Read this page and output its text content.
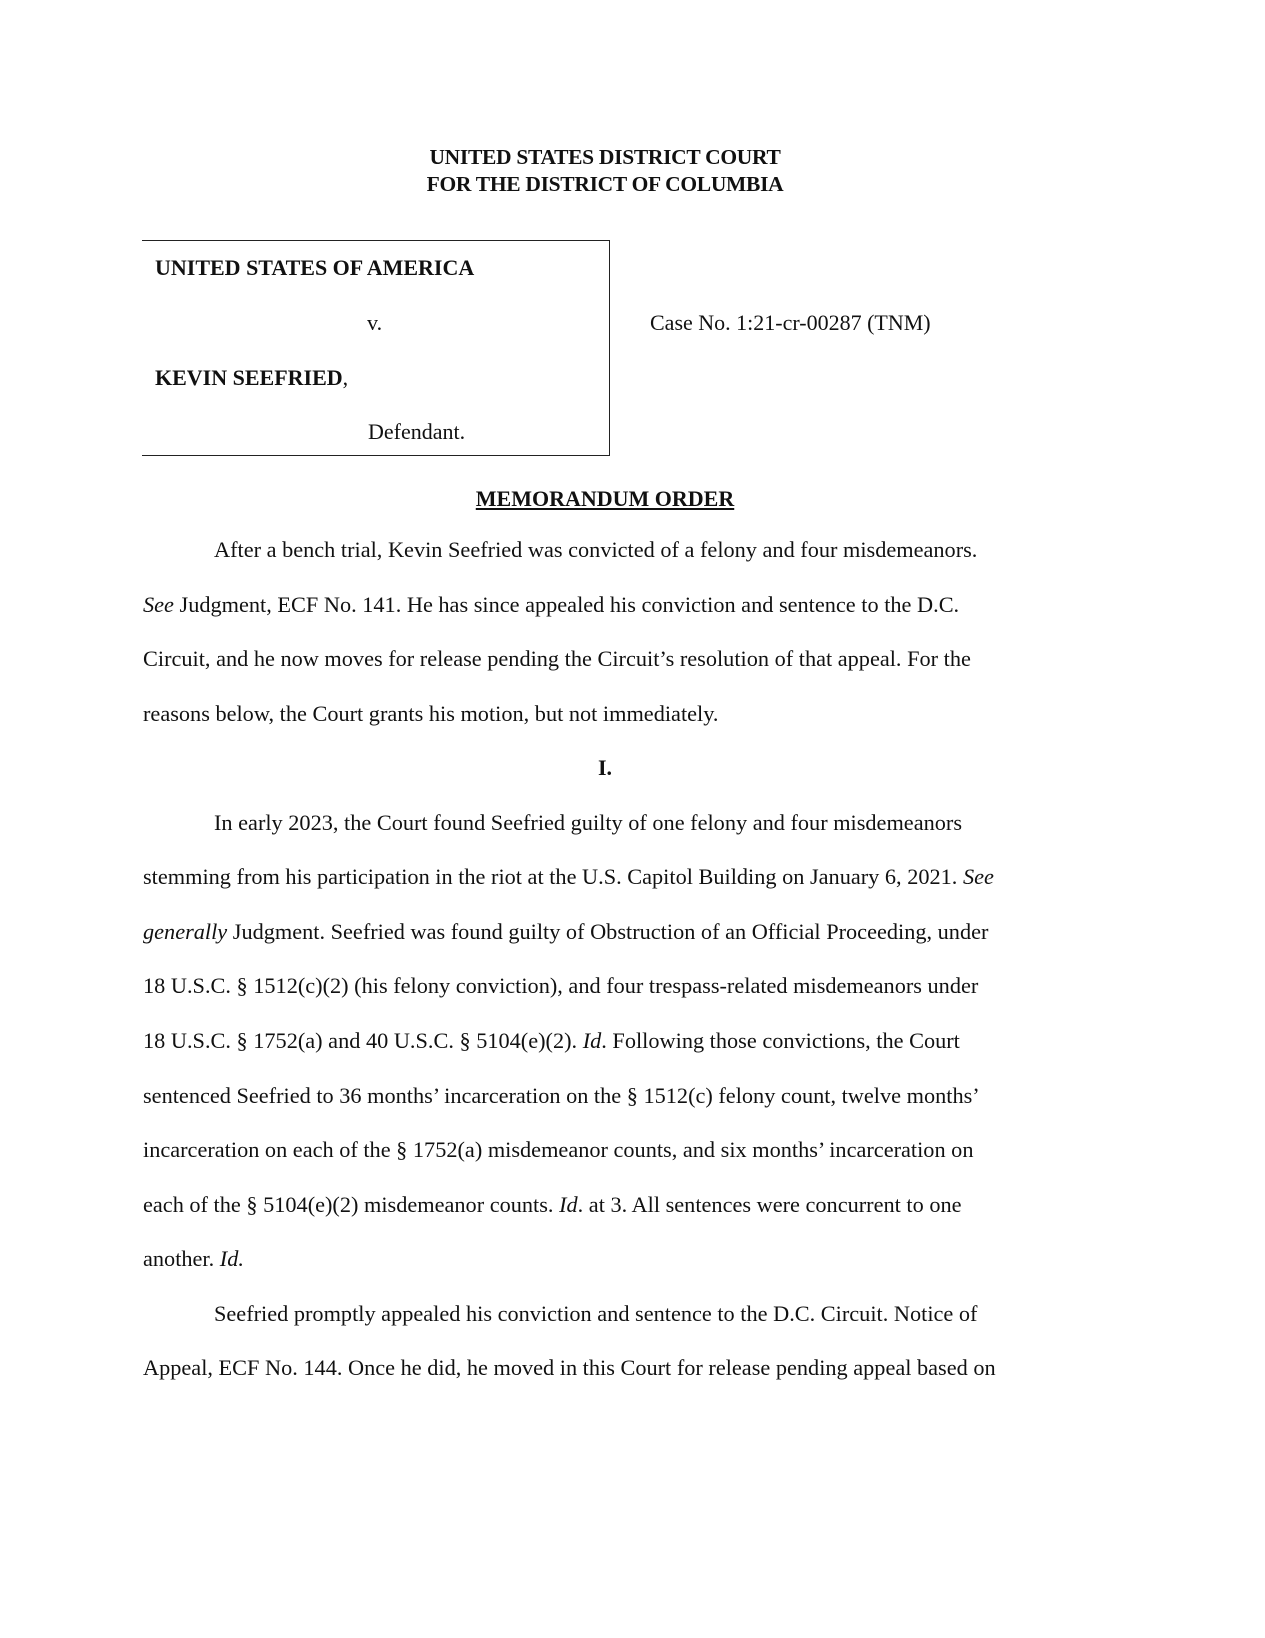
UNITED STATES DISTRICT COURT
FOR THE DISTRICT OF COLUMBIA
UNITED STATES OF AMERICA
v.
KEVIN SEEFRIED,
Defendant.
Case No. 1:21-cr-00287 (TNM)
MEMORANDUM ORDER
After a bench trial, Kevin Seefried was convicted of a felony and four misdemeanors.
See Judgment, ECF No. 141. He has since appealed his conviction and sentence to the D.C.
Circuit, and he now moves for release pending the Circuit’s resolution of that appeal. For the
reasons below, the Court grants his motion, but not immediately.
I.
In early 2023, the Court found Seefried guilty of one felony and four misdemeanors
stemming from his participation in the riot at the U.S. Capitol Building on January 6, 2021. See
generally Judgment. Seefried was found guilty of Obstruction of an Official Proceeding, under
18 U.S.C. § 1512(c)(2) (his felony conviction), and four trespass-related misdemeanors under
18 U.S.C. § 1752(a) and 40 U.S.C. § 5104(e)(2). Id. Following those convictions, the Court
sentenced Seefried to 36 months’ incarceration on the § 1512(c) felony count, twelve months’
incarceration on each of the § 1752(a) misdemeanor counts, and six months’ incarceration on
each of the § 5104(e)(2) misdemeanor counts. Id. at 3. All sentences were concurrent to one
another. Id.
Seefried promptly appealed his conviction and sentence to the D.C. Circuit. Notice of
Appeal, ECF No. 144. Once he did, he moved in this Court for release pending appeal based on
